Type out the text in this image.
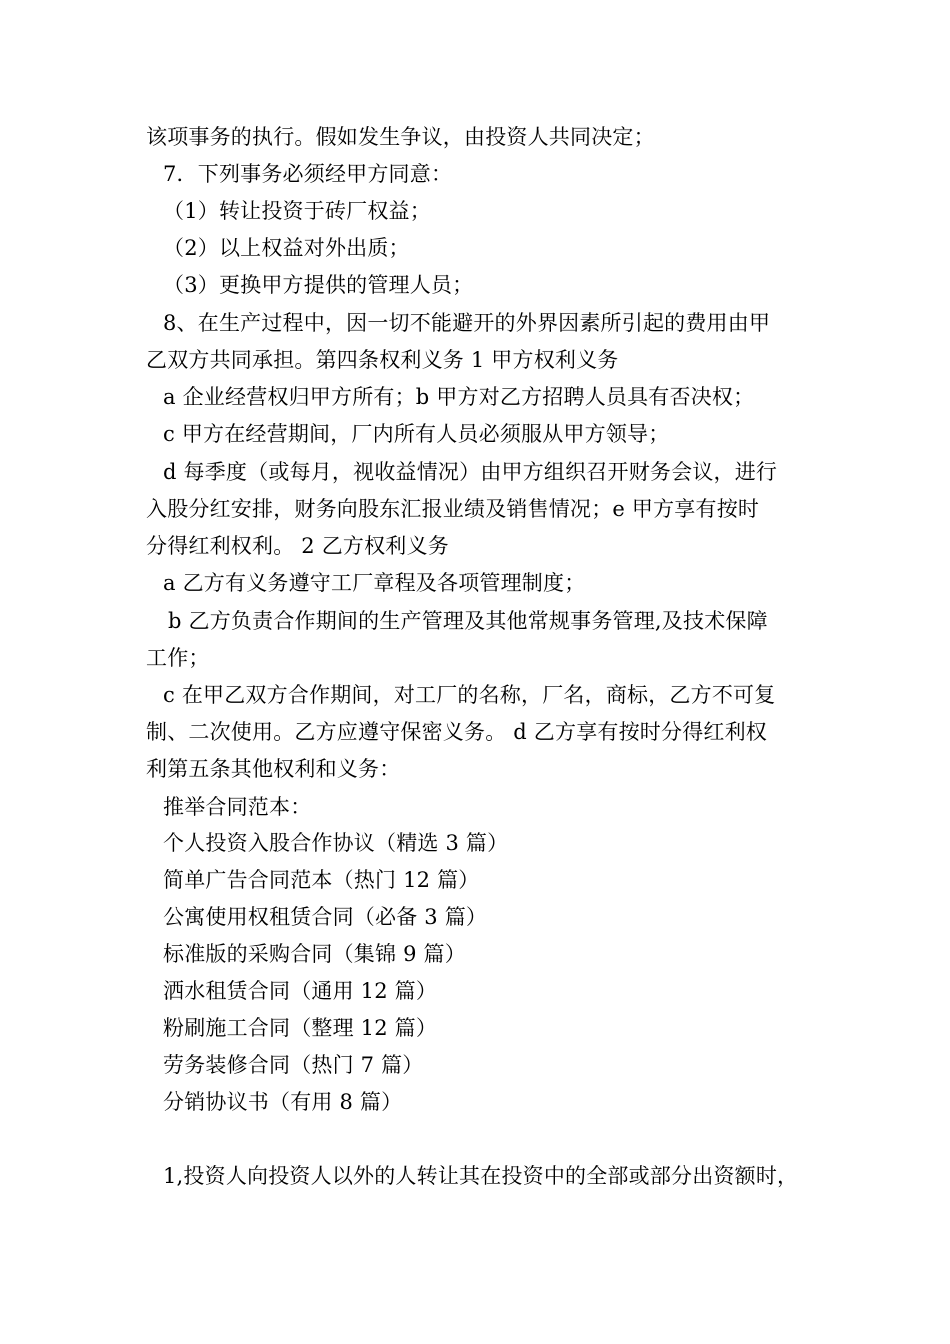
该项事务的执行。假如发生争议，由投资人共同决定；
7．下列事务必须经甲方同意：
（1）转让投资于砖厂权益；
（2）以上权益对外出质；
（3）更换甲方提供的管理人员；
8、在生产过程中，因一切不能避开的外界因素所引起的费用由甲
乙双方共同承担。第四条权利义务 1 甲方权利义务
a 企业经营权归甲方所有；b 甲方对乙方招聘人员具有否决权；
c 甲方在经营期间，厂内所有人员必须服从甲方领导；
d 每季度（或每月，视收益情况）由甲方组织召开财务会议，进行
入股分红安排，财务向股东汇报业绩及销售情况；e 甲方享有按时
分得红利权利。 2 乙方权利义务
a 乙方有义务遵守工厂章程及各项管理制度；
b 乙方负责合作期间的生产管理及其他常规事务管理,及技术保障
工作；
c 在甲乙双方合作期间，对工厂的名称，厂名，商标，乙方不可复
制、二次使用。乙方应遵守保密义务。 d 乙方享有按时分得红利权
利第五条其他权利和义务：
推举合同范本：
个人投资入股合作协议（精选 3 篇）
简单广告合同范本（热门 12 篇）
公寓使用权租赁合同（必备 3 篇）
标准版的采购合同（集锦 9 篇）
洒水租赁合同（通用 12 篇）
粉刷施工合同（整理 12 篇）
劳务装修合同（热门 7 篇）
分销协议书（有用 8 篇）
1,投资人向投资人以外的人转让其在投资中的全部或部分出资额时，
